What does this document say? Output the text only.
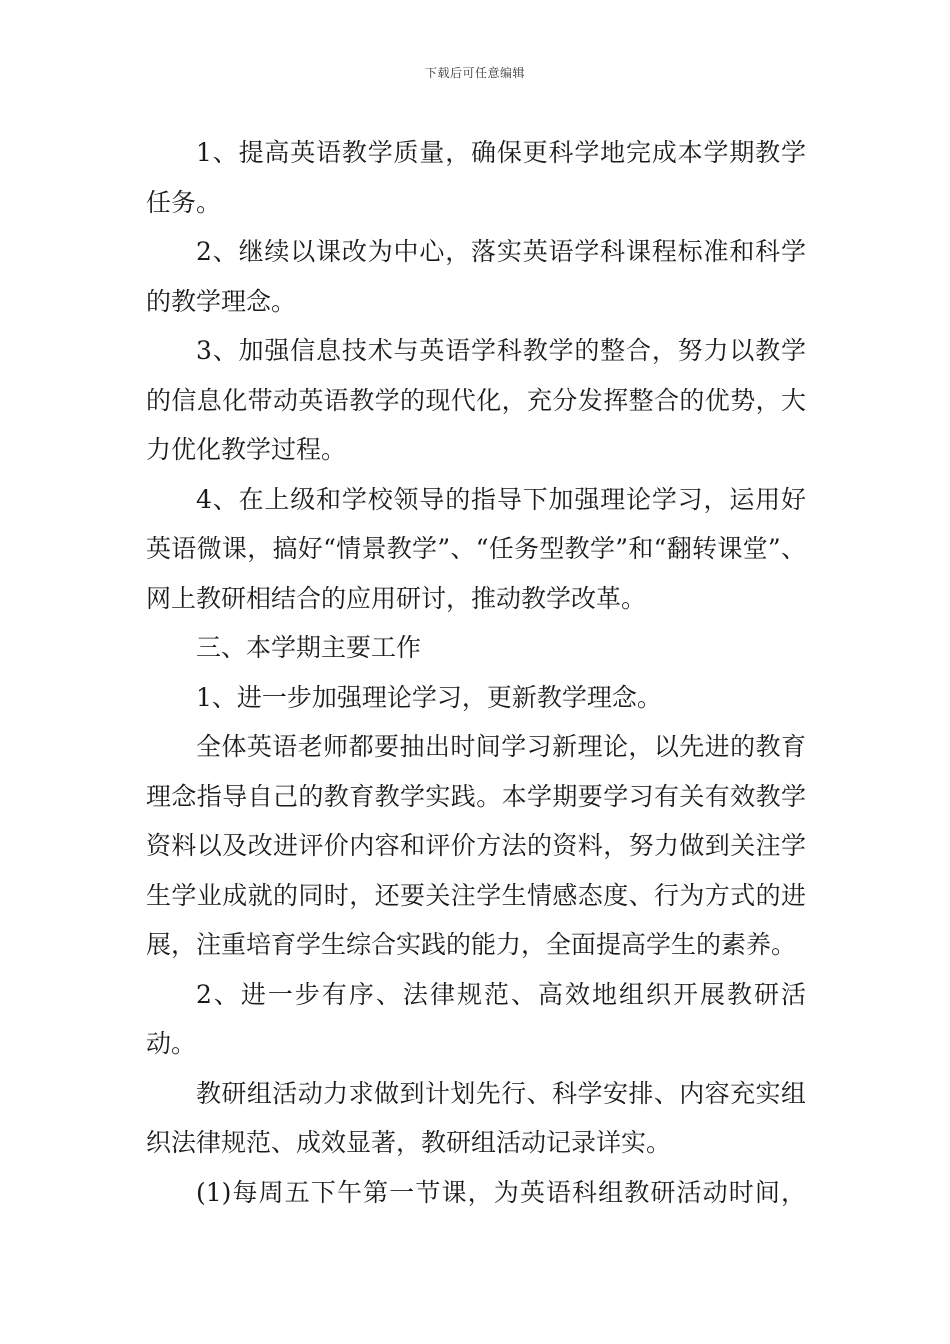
下载后可任意编辑

1、提高英语教学质量，确保更科学地完成本学期教学任务。

2、继续以课改为中心，落实英语学科课程标准和科学的教学理念。

3、加强信息技术与英语学科教学的整合，努力以教学的信息化带动英语教学的现代化，充分发挥整合的优势，大力优化教学过程。

4、在上级和学校领导的指导下加强理论学习，运用好英语微课，搞好“情景教学”、“任务型教学”和“翻转课堂”、网上教研相结合的应用研讨，推动教学改革。

三、本学期主要工作

1、进一步加强理论学习，更新教学理念。

全体英语老师都要抽出时间学习新理论，以先进的教育理念指导自己的教育教学实践。本学期要学习有关有效教学资料以及改进评价内容和评价方法的资料，努力做到关注学生学业成就的同时，还要关注学生情感态度、行为方式的进展，注重培育学生综合实践的能力，全面提高学生的素养。

2、进一步有序、法律规范、高效地组织开展教研活动。

教研组活动力求做到计划先行、科学安排、内容充实组织法律规范、成效显著，教研组活动记录详实。

(1)每周五下午第一节课，为英语科组教研活动时间，
